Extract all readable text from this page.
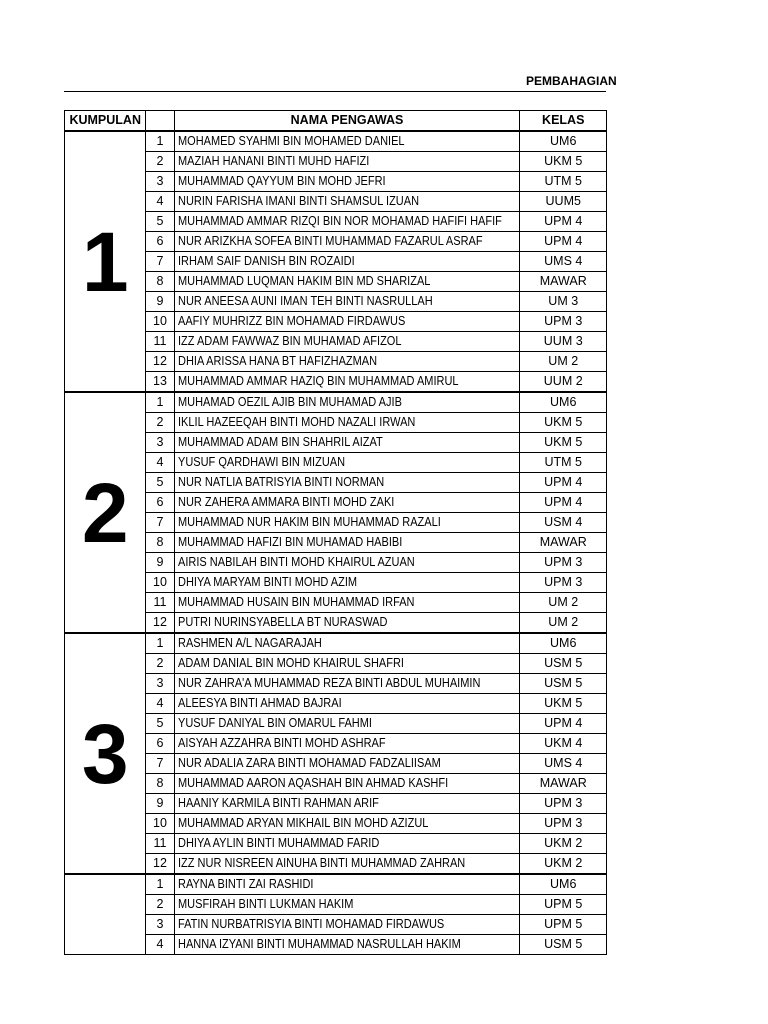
PEMBAHAGIAN
KUMPULAN		NAMA PENGAWAS	KELAS
1	1	MOHAMED SYAHMI BIN MOHAMED DANIEL	UM6
	2	MAZIAH HANANI BINTI MUHD HAFIZI	UKM 5
	3	MUHAMMAD QAYYUM BIN MOHD JEFRI	UTM 5
	4	NURIN FARISHA IMANI BINTI SHAMSUL IZUAN	UUM5
	5	MUHAMMAD AMMAR RIZQI BIN NOR MOHAMAD HAFIFI HAFIF	UPM 4
	6	NUR ARIZKHA SOFEA BINTI MUHAMMAD FAZARUL ASRAF	UPM 4
	7	IRHAM SAIF DANISH BIN ROZAIDI	UMS 4
	8	MUHAMMAD LUQMAN HAKIM BIN MD SHARIZAL	MAWAR
	9	NUR ANEESA AUNI IMAN TEH BINTI NASRULLAH	UM 3
	10	AAFIY MUHRIZZ BIN MOHAMAD FIRDAWUS	UPM 3
	11	IZZ ADAM FAWWAZ BIN MUHAMAD AFIZOL	UUM 3
	12	DHIA ARISSA HANA BT HAFIZHAZMAN	UM 2
	13	MUHAMMAD AMMAR HAZIQ BIN MUHAMMAD AMIRUL	UUM 2
2	1	MUHAMAD OEZIL AJIB BIN MUHAMAD AJIB	UM6
	2	IKLIL HAZEEQAH BINTI MOHD NAZALI IRWAN	UKM 5
	3	MUHAMMAD ADAM BIN SHAHRIL AIZAT	UKM 5
	4	YUSUF QARDHAWI BIN MIZUAN	UTM 5
	5	NUR NATLIA BATRISYIA BINTI NORMAN	UPM 4
	6	NUR ZAHERA AMMARA BINTI MOHD ZAKI	UPM 4
	7	MUHAMMAD NUR HAKIM BIN MUHAMMAD RAZALI	USM 4
	8	MUHAMMAD HAFIZI BIN MUHAMAD HABIBI	MAWAR
	9	AIRIS NABILAH BINTI MOHD KHAIRUL AZUAN	UPM 3
	10	DHIYA MARYAM BINTI MOHD AZIM	UPM 3
	11	MUHAMMAD HUSAIN BIN MUHAMMAD IRFAN	UM 2
	12	PUTRI NURINSYABELLA BT NURASWAD	UM 2
3	1	RASHMEN A/L NAGARAJAH	UM6
	2	ADAM DANIAL BIN MOHD KHAIRUL SHAFRI	USM 5
	3	NUR ZAHRA'A MUHAMMAD REZA BINTI ABDUL MUHAIMIN	USM 5
	4	ALEESYA BINTI AHMAD BAJRAI	UKM 5
	5	YUSUF DANIYAL BIN OMARUL FAHMI	UPM 4
	6	AISYAH AZZAHRA BINTI MOHD ASHRAF	UKM 4
	7	NUR ADALIA ZARA BINTI MOHAMAD FADZALIISAM	UMS 4
	8	MUHAMMAD AARON AQASHAH BIN AHMAD KASHFI	MAWAR
	9	HAANIY KARMILA BINTI RAHMAN ARIF	UPM 3
	10	MUHAMMAD ARYAN MIKHAIL BIN MOHD AZIZUL	UPM 3
	11	DHIYA AYLIN BINTI MUHAMMAD FARID	UKM 2
	12	IZZ NUR NISREEN AINUHA BINTI MUHAMMAD ZAHRAN	UKM 2
	1	RAYNA BINTI ZAI RASHIDI	UM6
	2	MUSFIRAH BINTI LUKMAN HAKIM	UPM 5
	3	FATIN NURBATRISYIA BINTI MOHAMAD FIRDAWUS	UPM 5
	4	HANNA IZYANI BINTI MUHAMMAD NASRULLAH HAKIM	USM 5
